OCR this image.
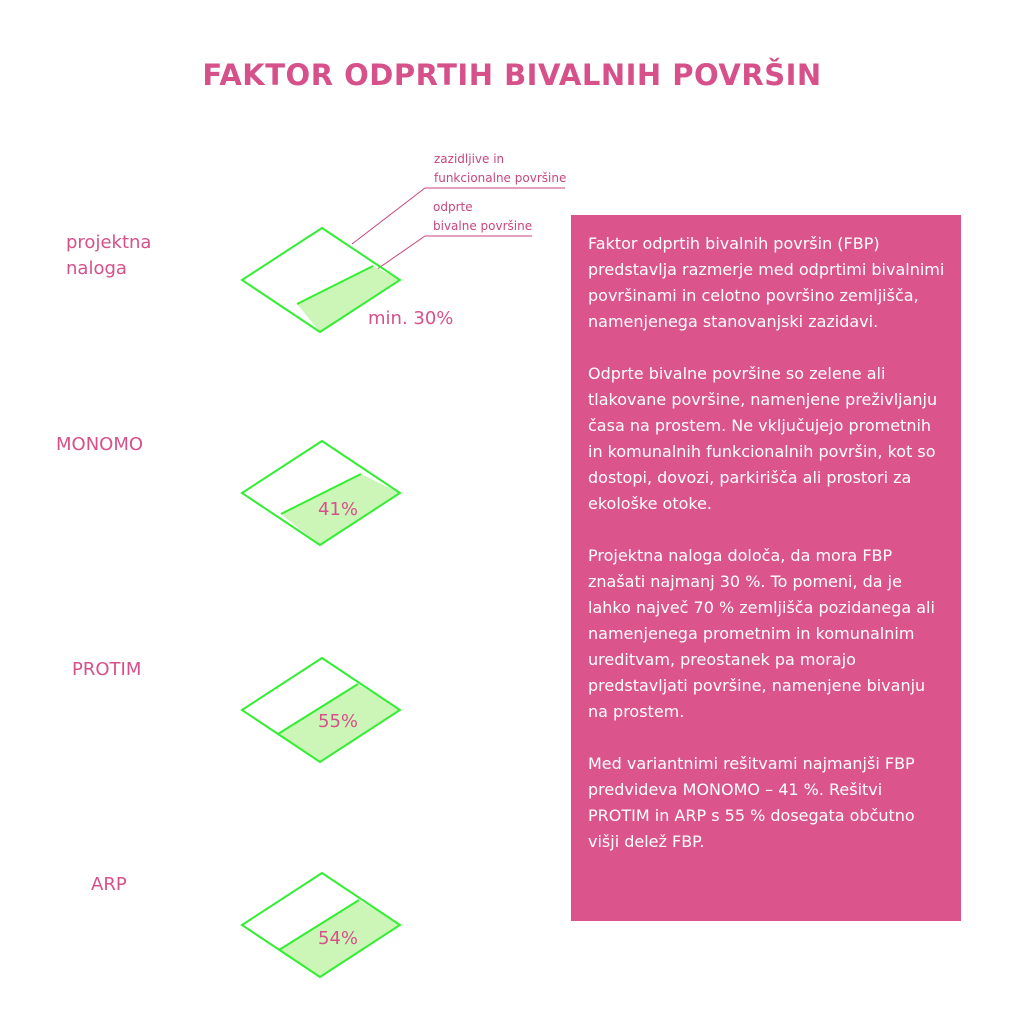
FAKTOR ODPRTIH BIVALNIH POVRŠIN
zazidljive in
funkcionalne površine
odprte
bivalne površine
projektna
naloga
MONOMO
PROTIM
ARP
min. 30%
41%
55%
54%

Faktor odprtih bivalnih površin (FBP) predstavlja razmerje med odprtimi bivalnimi površinami in celotno površino zemljišča, namenjenega stanovanjski zazidavi.

Odprte bivalne površine so zelene ali tlakovane površine, namenjene preživljanju časa na prostem. Ne vključujejo prometnih in komunalnih funkcionalnih površin, kot so dostopi, dovozi, parkirišča ali prostori za ekološke otoke.

Projektna naloga določa, da mora FBP znašati najmanj 30 %. To pomeni, da je lahko največ 70 % zemljišča pozidanega ali namenjenega prometnim in komunalnim ureditvam, preostanek pa morajo predstavljati površine, namenjene bivanju na prostem.

Med variantnimi rešitvami najmanjši FBP predvideva MONOMO – 41 %. Rešitvi PROTIM in ARP s 55 % dosegata občutno višji delež FBP.
